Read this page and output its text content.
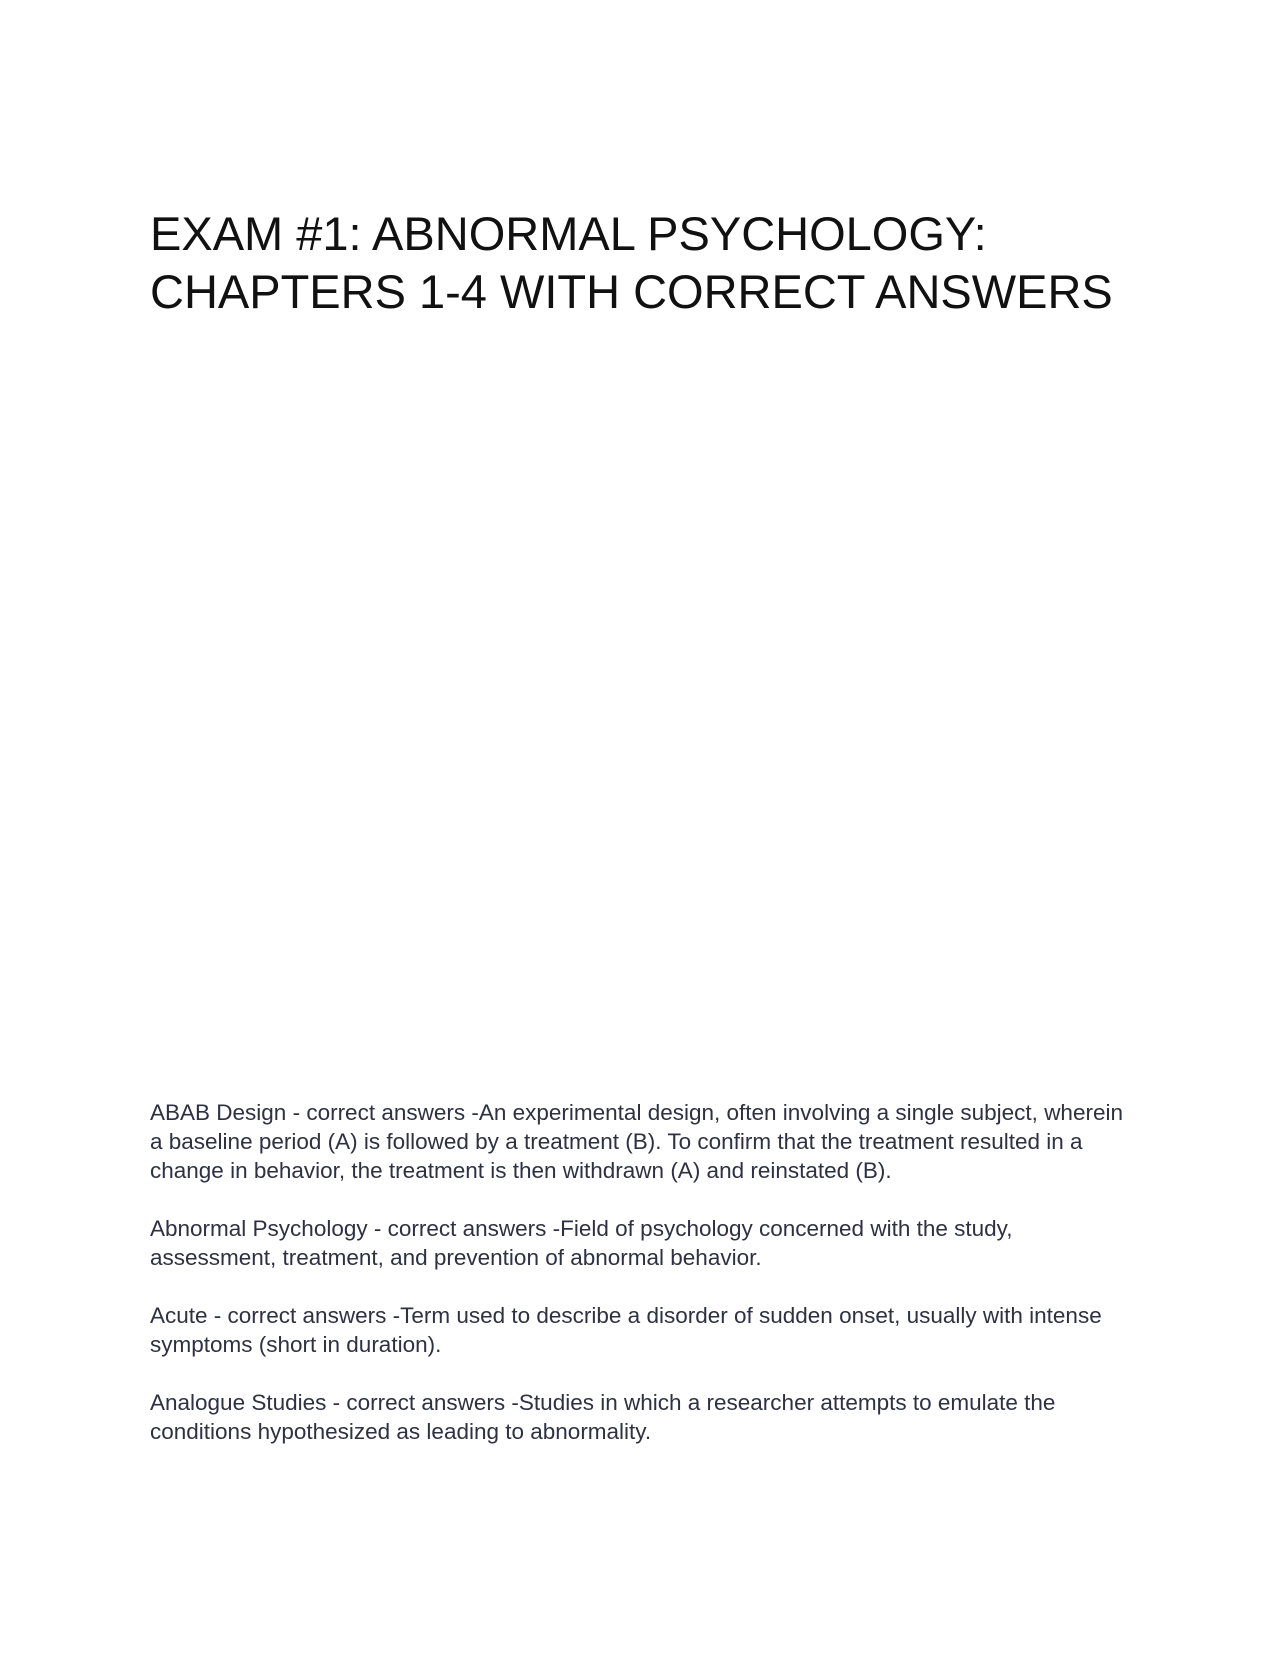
EXAM #1: ABNORMAL PSYCHOLOGY: CHAPTERS 1-4 WITH CORRECT ANSWERS

ABAB Design - correct answers -An experimental design, often involving a single subject, wherein a baseline period (A) is followed by a treatment (B). To confirm that the treatment resulted in a change in behavior, the treatment is then withdrawn (A) and reinstated (B).

Abnormal Psychology - correct answers -Field of psychology concerned with the study, assessment, treatment, and prevention of abnormal behavior.

Acute - correct answers -Term used to describe a disorder of sudden onset, usually with intense symptoms (short in duration).

Analogue Studies - correct answers -Studies in which a researcher attempts to emulate the conditions hypothesized as leading to abnormality.
